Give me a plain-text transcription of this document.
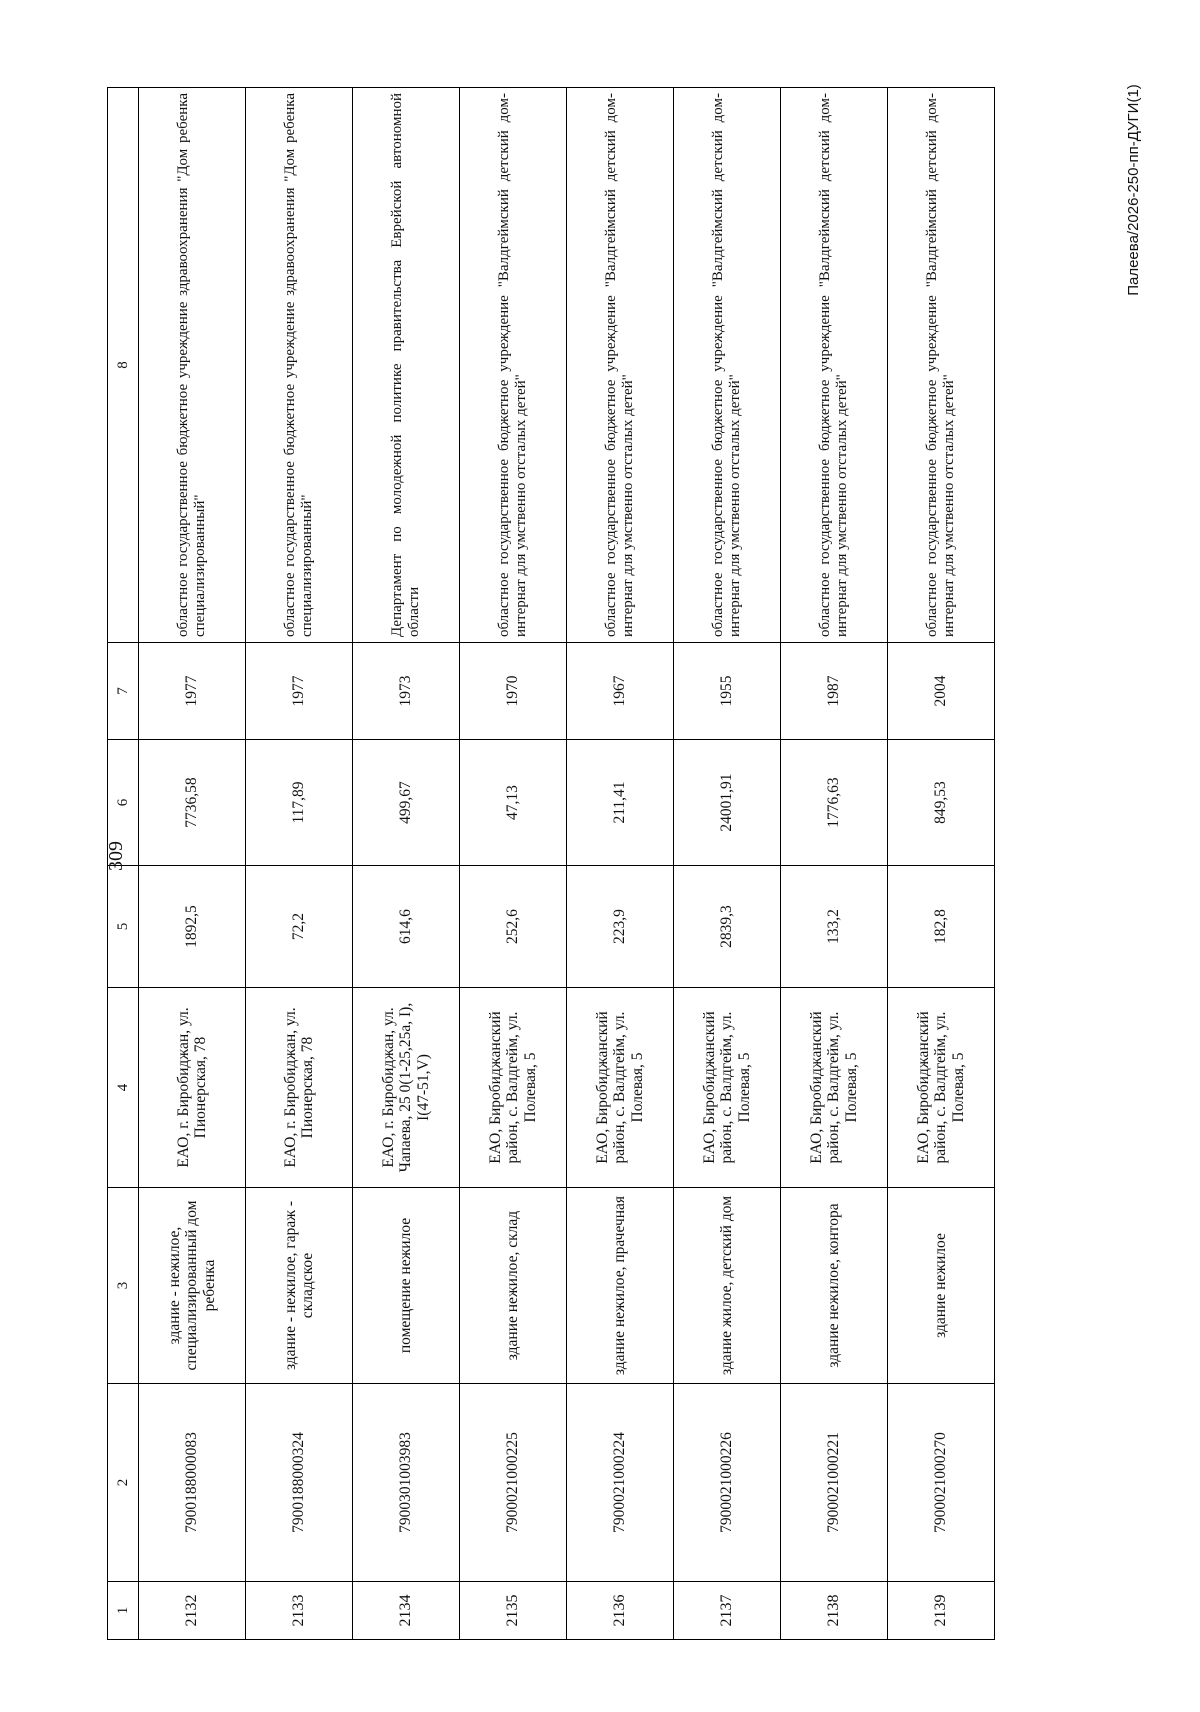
309
Палеева/2026-250-пп-ДУГИ(1)
1	2	3	4	5	6	7	8
2132	7900188000083	здание - нежилое, специализированный дом ребенка	ЕАО, г. Биробиджан, ул. Пионерская, 78	1892,5	7736,58	1977	областное государственное бюджетное учреждение здравоохранения "Дом ребенка специализированный"
2133	7900188000324	здание - нежилое, гараж - складское	ЕАО, г. Биробиджан, ул. Пионерская, 78	72,2	117,89	1977	областное государственное бюджетное учреждение здравоохранения "Дом ребенка специализированный"
2134	7900301003983	помещение нежилое	ЕАО, г. Биробиджан, ул. Чапаева, 25 0(1-25,25а, I), I(47-51,V)	614,6	499,67	1973	Департамент по молодежной политике правительства Еврейской автономной области
2135	7900021000225	здание нежилое, склад	ЕАО, Биробиджанский район, с. Валдгейм, ул. Полевая, 5	252,6	47,13	1970	областное государственное бюджетное учреждение "Валдгеймский детский дом- интернат для умственно отсталых детей"
2136	7900021000224	здание нежилое, прачечная	ЕАО, Биробиджанский район, с. Валдгейм, ул. Полевая, 5	223,9	211,41	1967	областное государственное бюджетное учреждение "Валдгеймский детский дом- интернат для умственно отсталых детей"
2137	7900021000226	здание жилое, детский дом	ЕАО, Биробиджанский район, с. Валдгейм, ул. Полевая, 5	2839,3	24001,91	1955	областное государственное бюджетное учреждение "Валдгеймский детский дом- интернат для умственно отсталых детей"
2138	7900021000221	здание нежилое, контора	ЕАО, Биробиджанский район, с. Валдгейм, ул. Полевая, 5	133,2	1776,63	1987	областное государственное бюджетное учреждение "Валдгеймский детский дом- интернат для умственно отсталых детей"
2139	7900021000270	здание нежилое	ЕАО, Биробиджанский район, с. Валдгейм, ул. Полевая, 5	182,8	849,53	2004	областное государственное бюджетное учреждение "Валдгеймский детский дом- интернат для умственно отсталых детей"
